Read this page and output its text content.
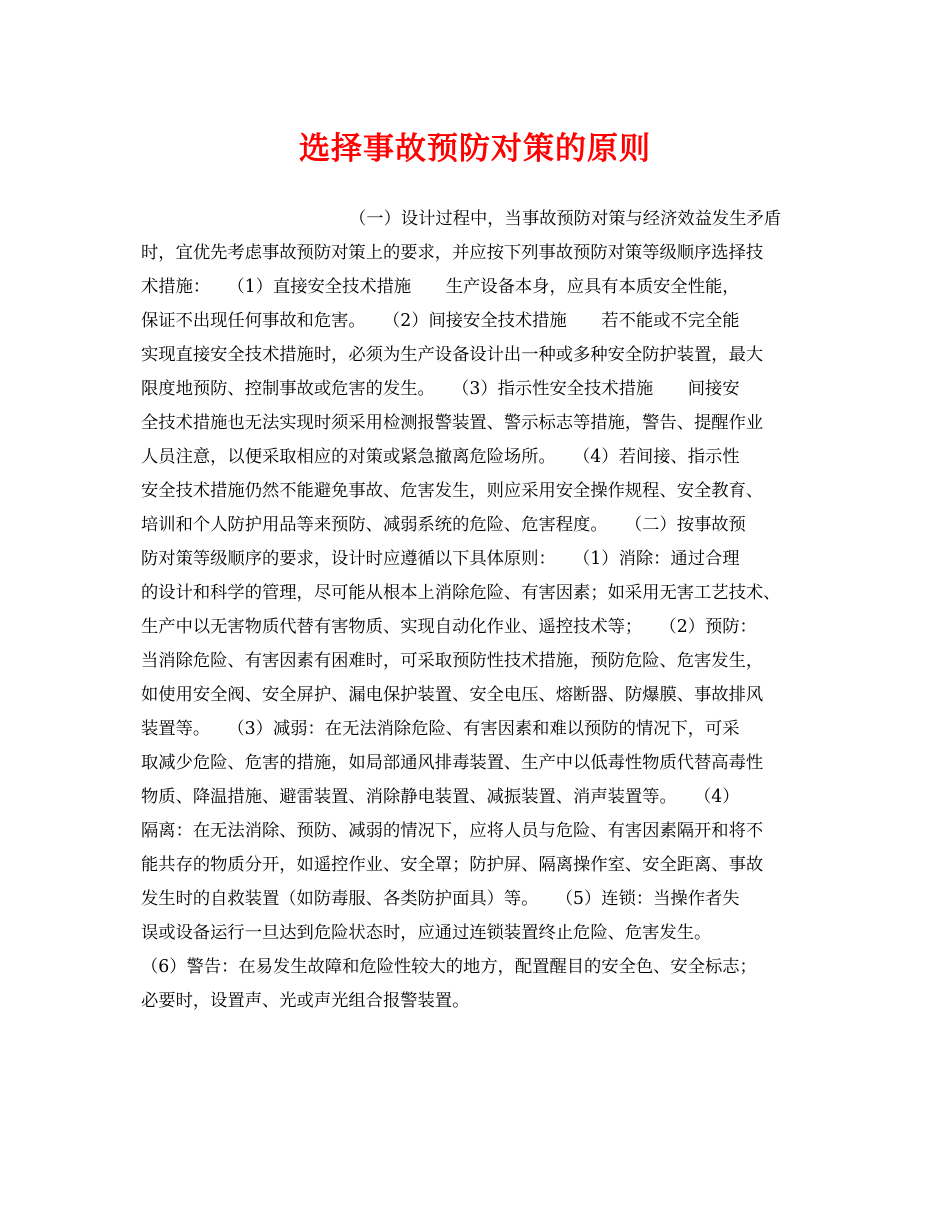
选择事故预防对策的原则
（一）设计过程中，当事故预防对策与经济效益发生矛盾
时，宜优先考虑事故预防对策上的要求，并应按下列事故预防对策等级顺序选择技
术措施：　　（1）直接安全技术措施　　生产设备本身，应具有本质安全性能，
保证不出现任何事故和危害。　　（2）间接安全技术措施　　若不能或不完全能
实现直接安全技术措施时，必须为生产设备设计出一种或多种安全防护装置，最大
限度地预防、控制事故或危害的发生。　　（3）指示性安全技术措施　　间接安
全技术措施也无法实现时须采用检测报警装置、警示标志等措施，警告、提醒作业
人员注意，以便采取相应的对策或紧急撤离危险场所。　　（4）若间接、指示性
安全技术措施仍然不能避免事故、危害发生，则应采用安全操作规程、安全教育、
培训和个人防护用品等来预防、减弱系统的危险、危害程度。　　（二）按事故预
防对策等级顺序的要求，设计时应遵循以下具体原则：　　（1）消除：通过合理
的设计和科学的管理，尽可能从根本上消除危险、有害因素；如采用无害工艺技术、
生产中以无害物质代替有害物质、实现自动化作业、遥控技术等；　　（2）预防：
当消除危险、有害因素有困难时，可采取预防性技术措施，预防危险、危害发生，
如使用安全阀、安全屏护、漏电保护装置、安全电压、熔断器、防爆膜、事故排风
装置等。　　（3）减弱：在无法消除危险、有害因素和难以预防的情况下，可采
取减少危险、危害的措施，如局部通风排毒装置、生产中以低毒性物质代替高毒性
物质、降温措施、避雷装置、消除静电装置、减振装置、消声装置等。　　（4）
隔离：在无法消除、预防、减弱的情况下，应将人员与危险、有害因素隔开和将不
能共存的物质分开，如遥控作业、安全罩；防护屏、隔离操作室、安全距离、事故
发生时的自救装置（如防毒服、各类防护面具）等。　　（5）连锁：当操作者失
误或设备运行一旦达到危险状态时，应通过连锁装置终止危险、危害发生。
（6）警告：在易发生故障和危险性较大的地方，配置醒目的安全色、安全标志；
必要时，设置声、光或声光组合报警装置。
